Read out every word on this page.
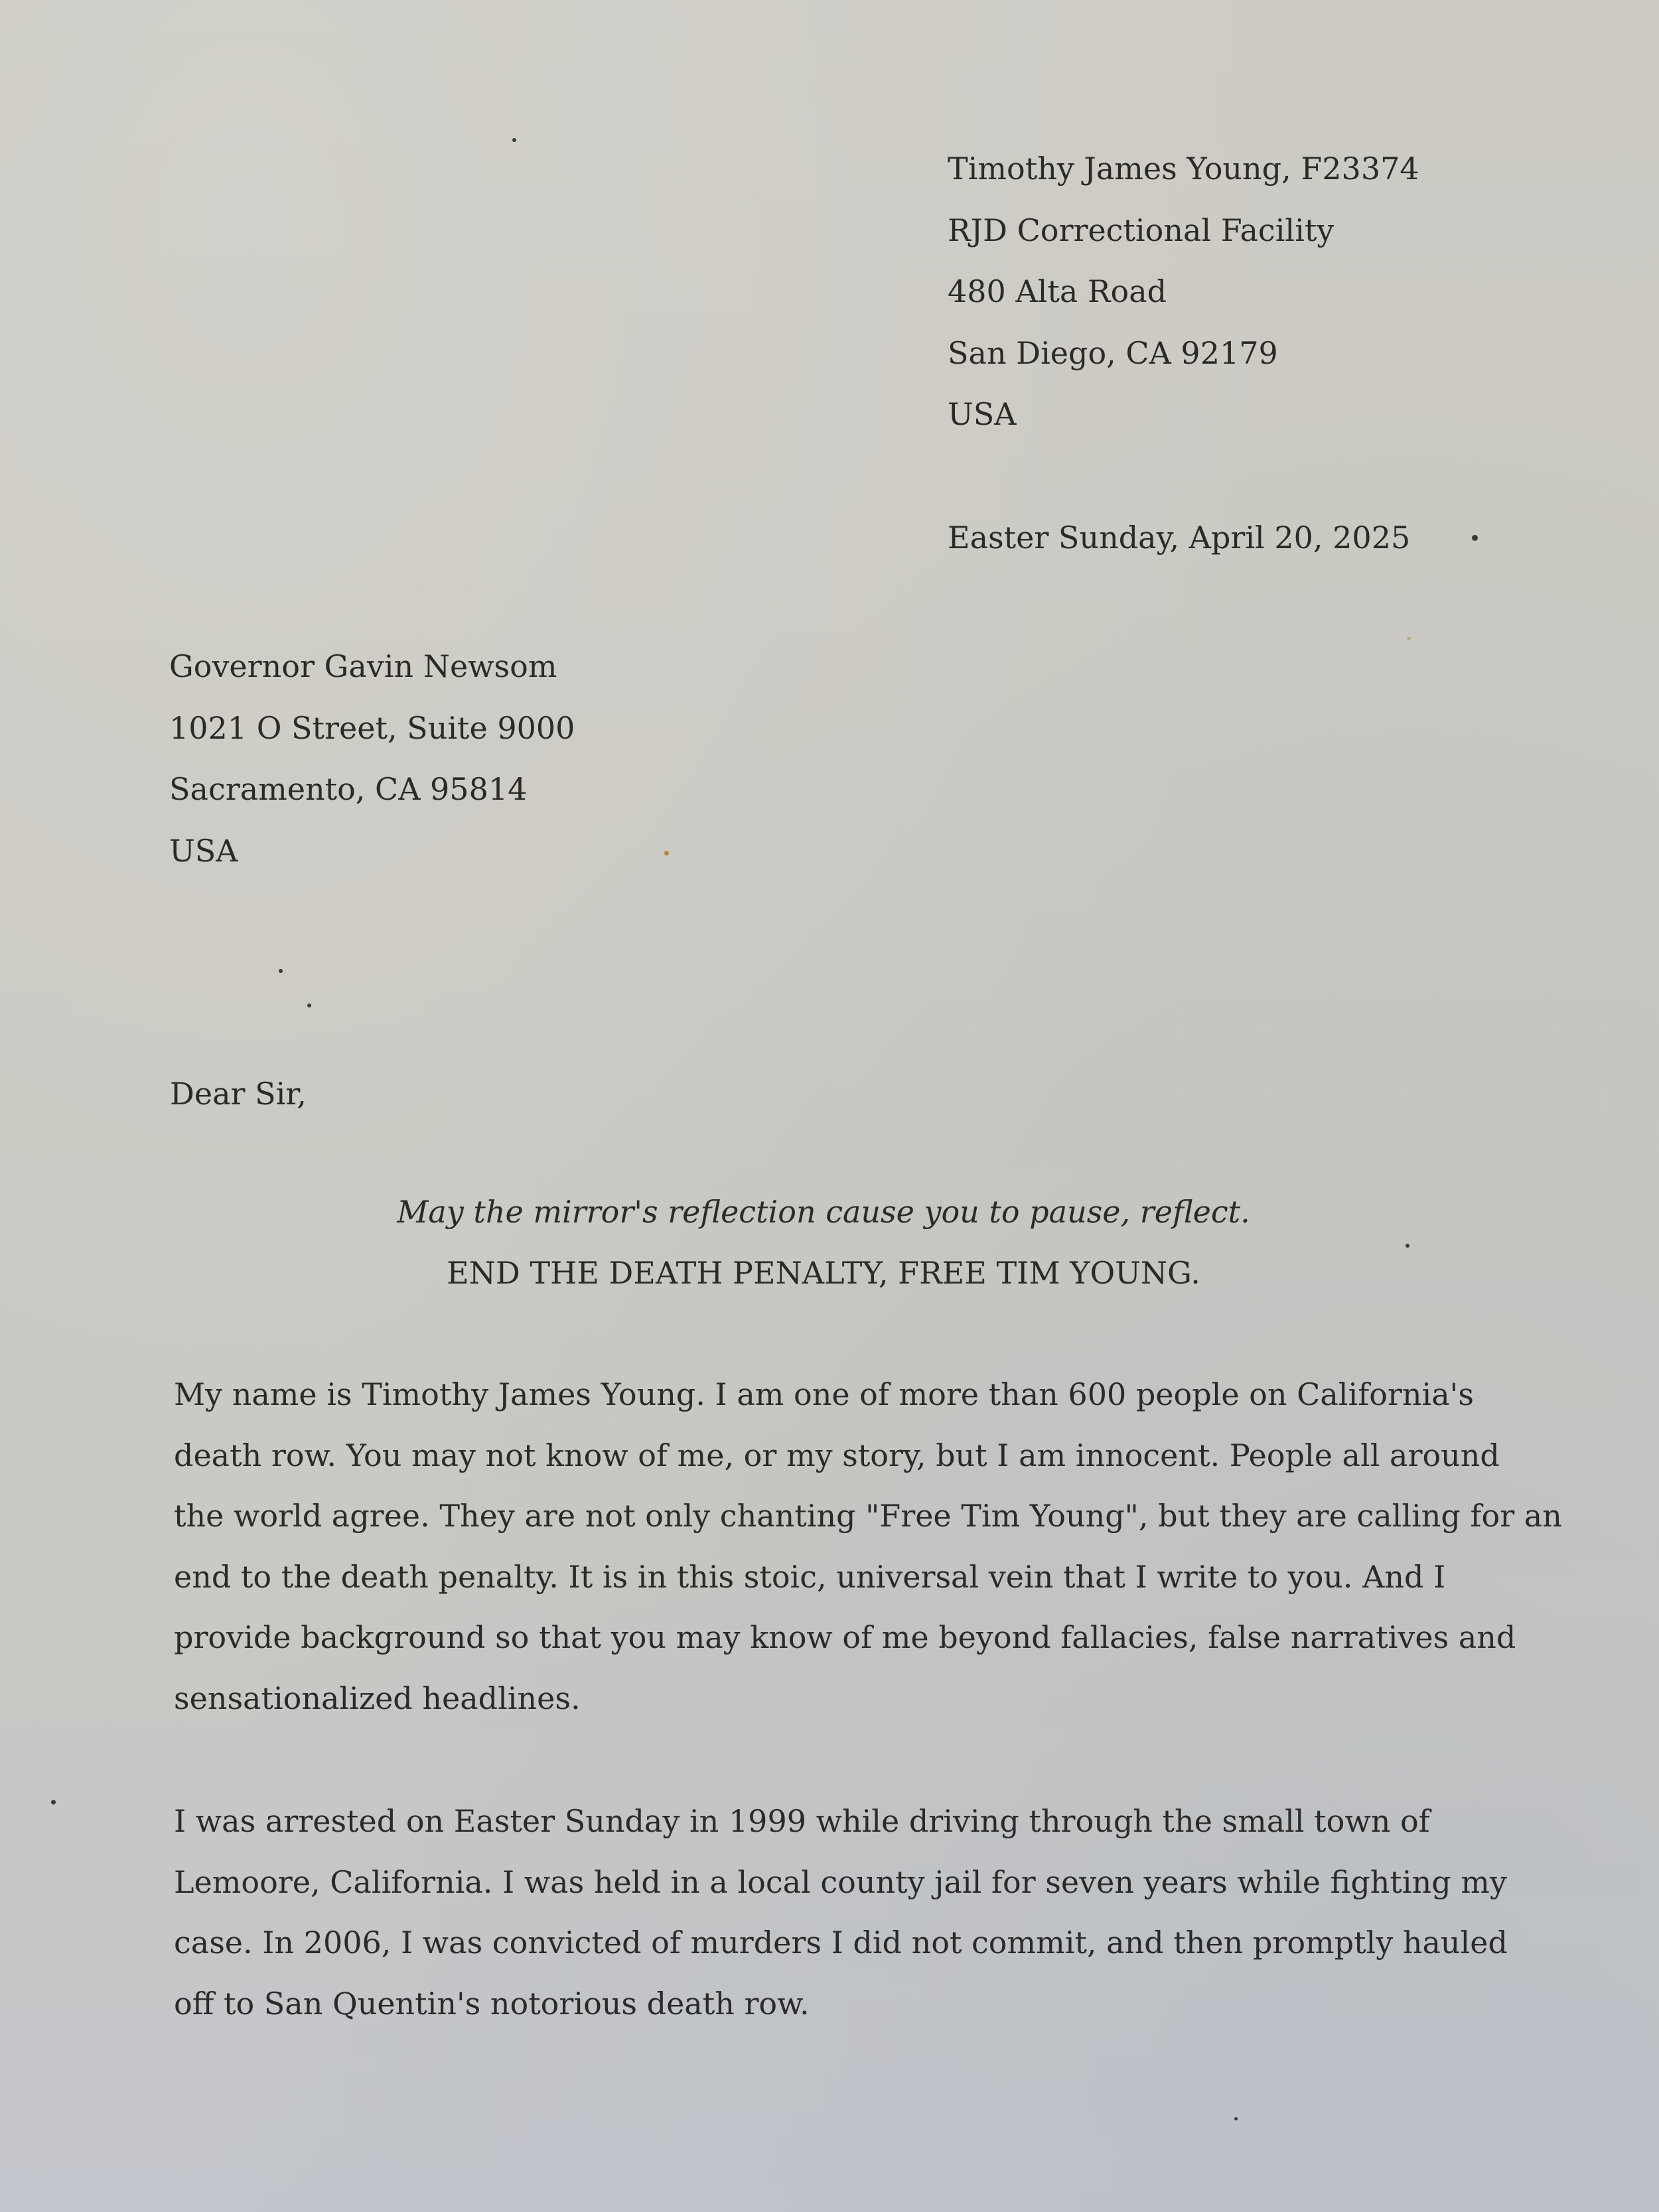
Timothy James Young, F23374
RJD Correctional Facility
480 Alta Road
San Diego, CA 92179
USA

Easter Sunday, April 20, 2025

Governor Gavin Newsom
1021 O Street, Suite 9000
Sacramento, CA 95814
USA

Dear Sir,

May the mirror's reflection cause you to pause, reflect.
END THE DEATH PENALTY, FREE TIM YOUNG.
My name is Timothy James Young. I am one of more than 600 people on California's
death row. You may not know of me, or my story, but I am innocent. People all around
the world agree. They are not only chanting "Free Tim Young", but they are calling for an
end to the death penalty. It is in this stoic, universal vein that I write to you. And I
provide background so that you may know of me beyond fallacies, false narratives and
sensationalized headlines.
I was arrested on Easter Sunday in 1999 while driving through the small town of
Lemoore, California. I was held in a local county jail for seven years while fighting my
case. In 2006, I was convicted of murders I did not commit, and then promptly hauled
off to San Quentin's notorious death row.
